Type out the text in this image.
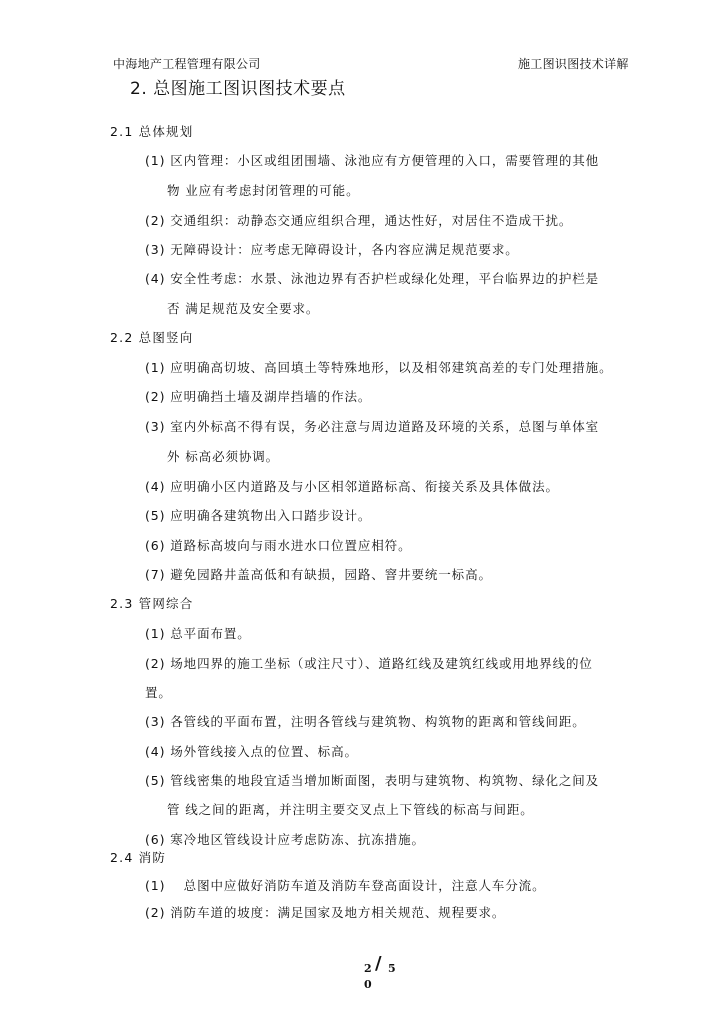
中海地产工程管理有限公司	施工图识图技术详解
2. 总图施工图识图技术要点
2.1 总体规划
(1) 区内管理：小区或组团围墙、泳池应有方便管理的入口，需要管理的其他
物 业应有考虑封闭管理的可能。
(2) 交通组织：动静态交通应组织合理，通达性好，对居住不造成干扰。
(3) 无障碍设计：应考虑无障碍设计，各内容应满足规范要求。
(4) 安全性考虑：水景、泳池边界有否护栏或绿化处理，平台临界边的护栏是
否 满足规范及安全要求。
2.2 总图竖向
(1) 应明确高切坡、高回填土等特殊地形，以及相邻建筑高差的专门处理措施。
(2) 应明确挡土墙及湖岸挡墙的作法。
(3) 室内外标高不得有误，务必注意与周边道路及环境的关系，总图与单体室
外 标高必须协调。
(4) 应明确小区内道路及与小区相邻道路标高、衔接关系及具体做法。
(5) 应明确各建筑物出入口踏步设计。
(6) 道路标高坡向与雨水进水口位置应相符。
(7) 避免园路井盖高低和有缺损，园路、窨井要统一标高。
2.3 管网综合
(1) 总平面布置。
(2) 场地四界的施工坐标（或注尺寸）、道路红线及建筑红线或用地界线的位
置。
(3) 各管线的平面布置，注明各管线与建筑物、构筑物的距离和管线间距。
(4) 场外管线接入点的位置、标高。
(5) 管线密集的地段宜适当增加断面图，表明与建筑物、构筑物、绿化之间及
管 线之间的距离，并注明主要交叉点上下管线的标高与间距。
(6) 寒冷地区管线设计应考虑防冻、抗冻措施。
2.4 消防
(1)　 总图中应做好消防车道及消防车登高面设计，注意人车分流。
(2) 消防车道的坡度：满足国家及地方相关规范、规程要求。
2 / 5
0
